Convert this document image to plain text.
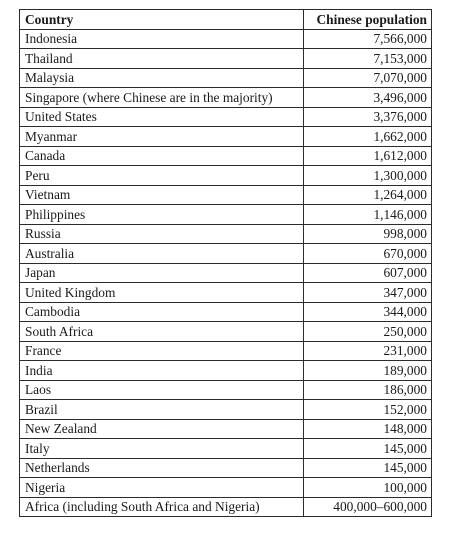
Country	Chinese population
Indonesia	7,566,000
Thailand	7,153,000
Malaysia	7,070,000
Singapore (where Chinese are in the majority)	3,496,000
United States	3,376,000
Myanmar	1,662,000
Canada	1,612,000
Peru	1,300,000
Vietnam	1,264,000
Philippines	1,146,000
Russia	998,000
Australia	670,000
Japan	607,000
United Kingdom	347,000
Cambodia	344,000
South Africa	250,000
France	231,000
India	189,000
Laos	186,000
Brazil	152,000
New Zealand	148,000
Italy	145,000
Netherlands	145,000
Nigeria	100,000
Africa (including South Africa and Nigeria)	400,000–600,000
